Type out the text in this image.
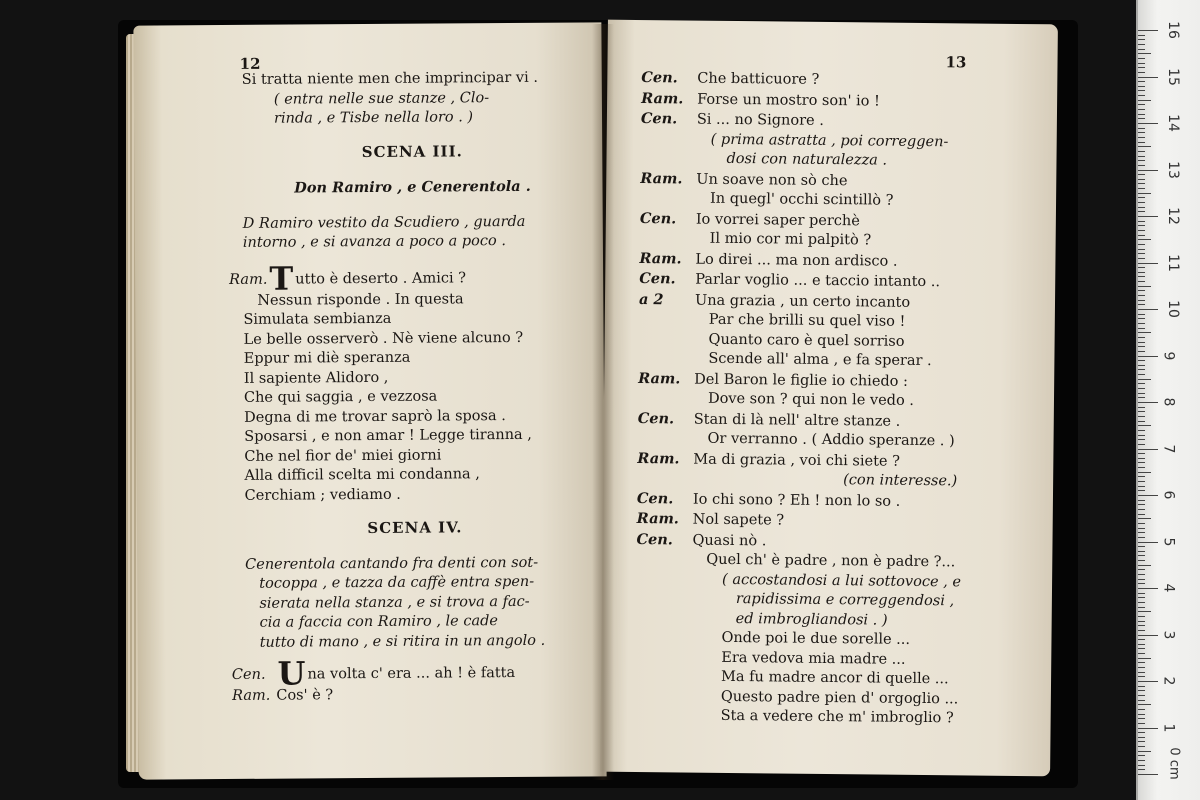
12
Si tratta niente men che imprincipar vi .
( entra nelle sue stanze , Clo-
rinda , e Tisbe nella loro . )
SCENA III.
Don Ramiro , e Cenerentola .
D Ramiro vestito da Scudiero , guarda
intorno , e si avanza a poco a poco .
Ram.T utto è deserto . Amici ?
Nessun risponde . In questa
Simulata sembianza
Le belle osserverò . Nè viene alcuno ?
Eppur mi diè speranza
Il sapiente Alidoro ,
Che qui saggia , e vezzosa
Degna di me trovar saprò la sposa .
Sposarsi , e non amar ! Legge tiranna ,
Che nel fior de' miei giorni
Alla difficil scelta mi condanna ,
Cerchiam ; vediamo .
SCENA IV.
Cenerentola cantando fra denti con sot-
tocoppa , e tazza da caffè entra spen-
sierata nella stanza , e si trova a fac-
cia a faccia con Ramiro , le cade
tutto di mano , e si ritira in un angolo .
Cen. U na volta c' era ... ah ! è fatta
Ram. Cos' è ?
13
Cen. Che batticuore ?
Ram. Forse un mostro son' io !
Cen. Si ... no Signore .
( prima astratta , poi correggen-
dosi con naturalezza .
Ram. Un soave non sò che
In quegl' occhi scintillò ?
Cen. Io vorrei saper perchè
Il mio cor mi palpitò ?
Ram. Lo direi ... ma non ardisco .
Cen. Parlar voglio ... e taccio intanto ..
a 2 Una grazia , un certo incanto
Par che brilli su quel viso !
Quanto caro è quel sorriso
Scende all' alma , e fa sperar .
Ram. Del Baron le figlie io chiedo :
Dove son ? qui non le vedo .
Cen. Stan di là nell' altre stanze .
Or verranno . ( Addio speranze . )
Ram. Ma di grazia , voi chi siete ?
(con interesse.)
Cen. Io chi sono ? Eh ! non lo so .
Ram. Nol sapete ?
Cen. Quasi nò .
Quel ch' è padre , non è padre ?...
( accostandosi a lui sottovoce , e
rapidissima e correggendosi ,
ed imbrogliandosi . )
Onde poi le due sorelle ...
Era vedova mia madre ...
Ma fu madre ancor di quelle ...
Questo padre pien d' orgoglio ...
Sta a vedere che m' imbroglio ?
0 cm
16
15
14
13
12
11
10
9
8
7
6
5
4
3
2
1
